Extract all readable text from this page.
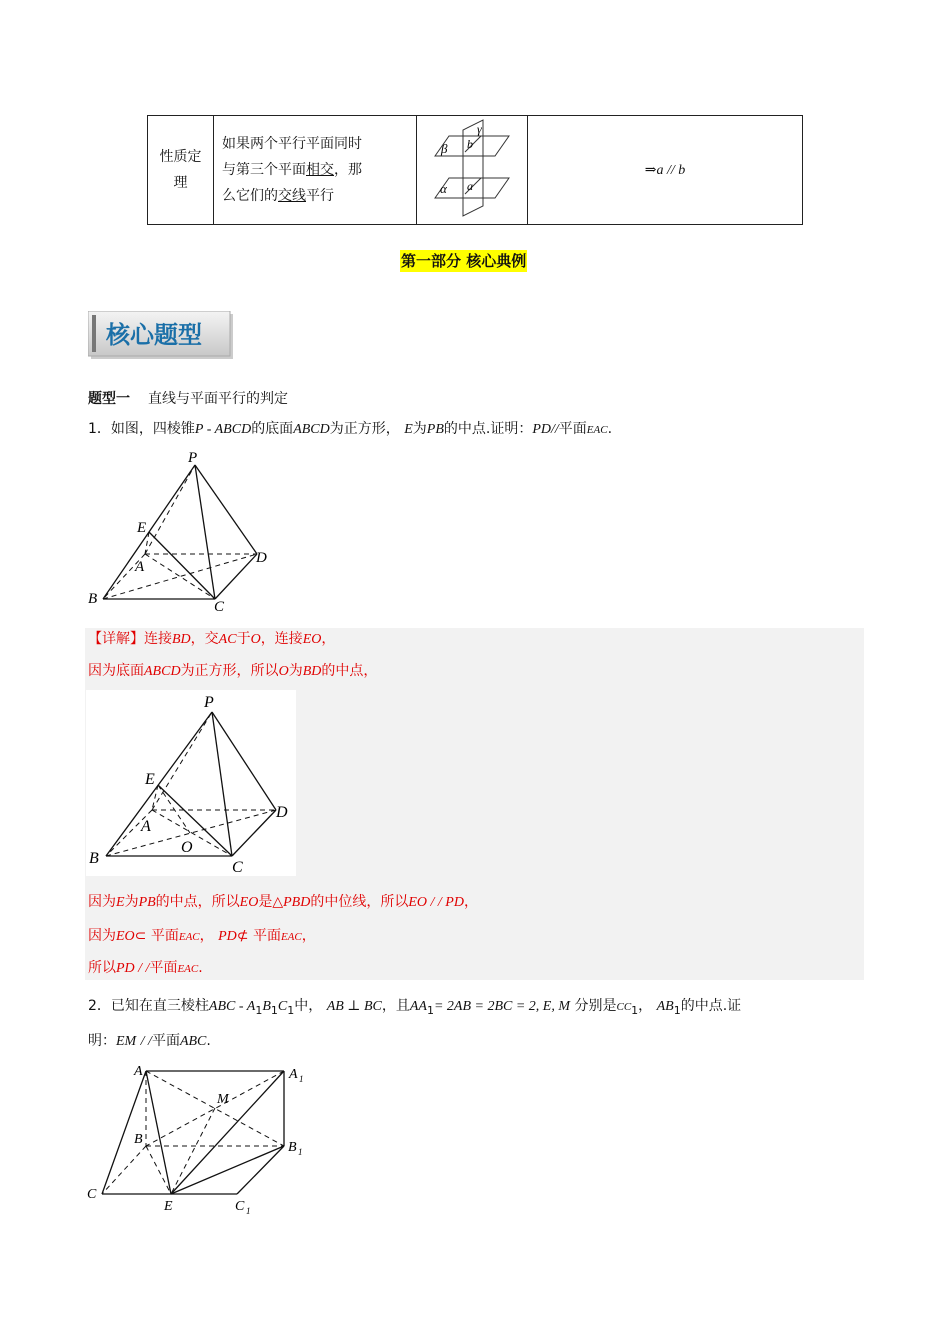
性质定理

如果两个平行平面同时
与第三个平面相交，那
么它们的交线平行

β
γ
b
α a
	⇒a // b
第一部分 核心典例
核心题型
题型一 直线与平面平行的判定
1．如图，四棱锥P - ABCD的底面ABCD为正方形， E为PB的中点.证明：PD//平面EAC.
P
E
A
D
B	C
【详解】连接BD，交AC于O，连接EO，
因为底面ABCD为正方形，所以O为BD的中点，
P
E
A
O
D
B
C
因为E为PB的中点，所以EO是△PBD的中位线，所以EO / / PD，
因为EO⊂ 平面EAC， PD⊄ 平面EAC，
所以PD / /平面EAC.
2．已知在直三棱柱ABC - $A_1B_1C_1$中， AB ⊥ BC，且$AA_1= 2AB = 2BC = 2$, E, M 分别是$CC_1$， $AB_1$的中点.证
明：EM / /平面ABC.
A	A 1
M
B
B 1
C
E	C 1
